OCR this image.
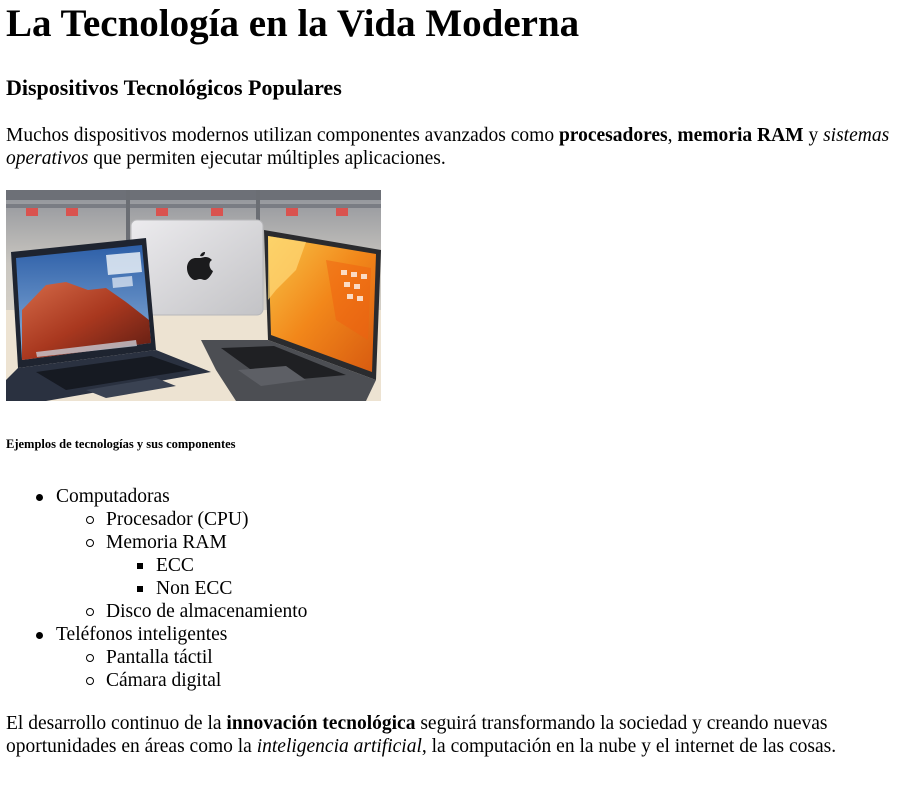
La Tecnología en la Vida Moderna
Dispositivos Tecnológicos Populares

Muchos dispositivos modernos utilizan componentes avanzados como procesadores, memoria RAM y sistemas operativos que permiten ejecutar múltiples aplicaciones.

Ejemplos de tecnologías y sus componentes
Computadoras
Procesador (CPU)
Memoria RAM
ECC
Non ECC
Disco de almacenamiento
Teléfonos inteligentes
Pantalla táctil
Cámara digital

El desarrollo continuo de la innovación tecnológica seguirá transformando la sociedad y creando nuevas oportunidades en áreas como la inteligencia artificial, la computación en la nube y el internet de las cosas.
